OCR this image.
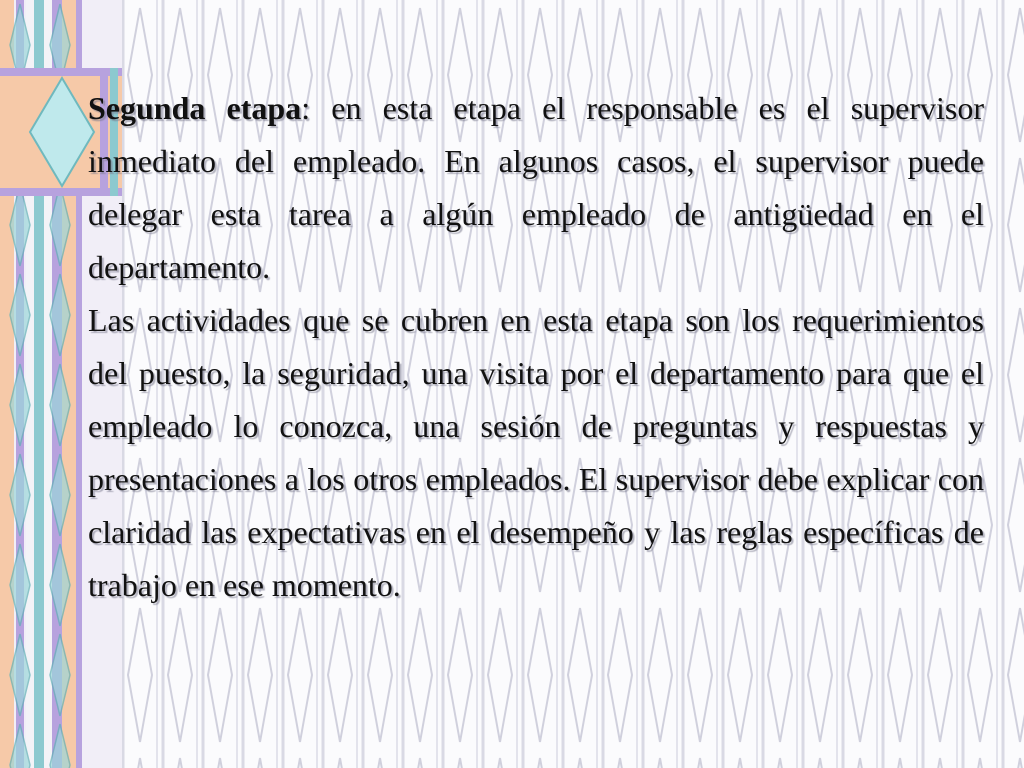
Segunda etapa: en esta etapa el responsable es el supervisor inmediato del empleado. En algunos casos, el supervisor puede delegar esta tarea a algún empleado de antigüedad en el departamento.

Las actividades que se cubren en esta etapa son los requerimientos del puesto, la seguridad, una visita por el departamento para que el empleado lo conozca, una sesión de preguntas y respuestas y presentaciones a los otros empleados. El supervisor debe explicar con claridad las expectativas en el desempeño y las reglas específicas de trabajo en ese momento.
